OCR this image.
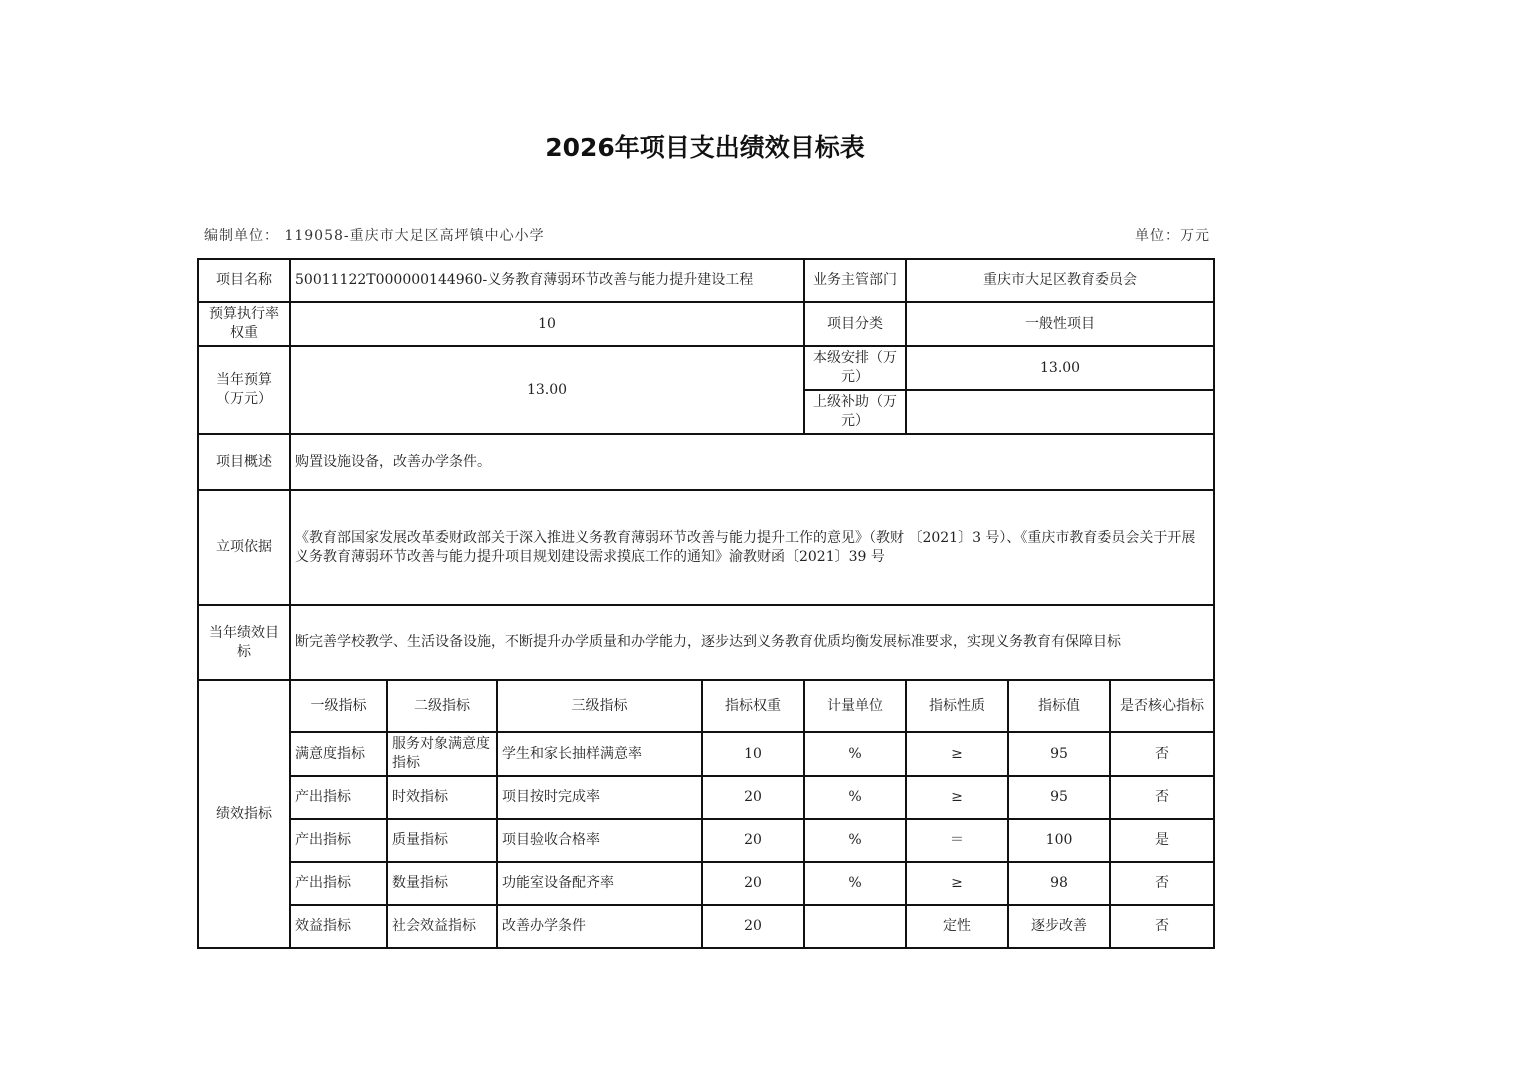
2026年项目支出绩效目标表
编制单位： 119058-重庆市大足区高坪镇中心小学	单位：万元
项目名称	50011122T000000144960-义务教育薄弱环节改善与能力提升建设工程				业务主管部门	重庆市大足区教育委员会		
预算执行率权重	10				项目分类	一般性项目		
当年预算（万元）	13.00				本级安排（万元）	13.00		
					上级补助（万元）			
项目概述	购置设施设备，改善办学条件。							
立项依据	《教育部国家发展改革委财政部关于深入推进义务教育薄弱环节改善与能力提升工作的意见》（教财 〔2021〕3 号）、《重庆市教育委员会关于开展义务教育薄弱环节改善与能力提升项目规划建设需求摸底工作的通知》渝教财函〔2021〕39 号							
当年绩效目标	断完善学校教学、生活设备设施，不断提升办学质量和办学能力，逐步达到义务教育优质均衡发展标准要求，实现义务教育有保障目标							
绩效指标	一级指标	二级指标	三级指标	指标权重	计量单位	指标性质	指标值	是否核心指标
	满意度指标	服务对象满意度指标	学生和家长抽样满意率	10	%	≥	95	否
	产出指标	时效指标	项目按时完成率	20	%	≥	95	否
	产出指标	质量指标	项目验收合格率	20	%	＝	100	是
	产出指标	数量指标	功能室设备配齐率	20	%	≥	98	否
	效益指标	社会效益指标	改善办学条件	20		定性	逐步改善	否
